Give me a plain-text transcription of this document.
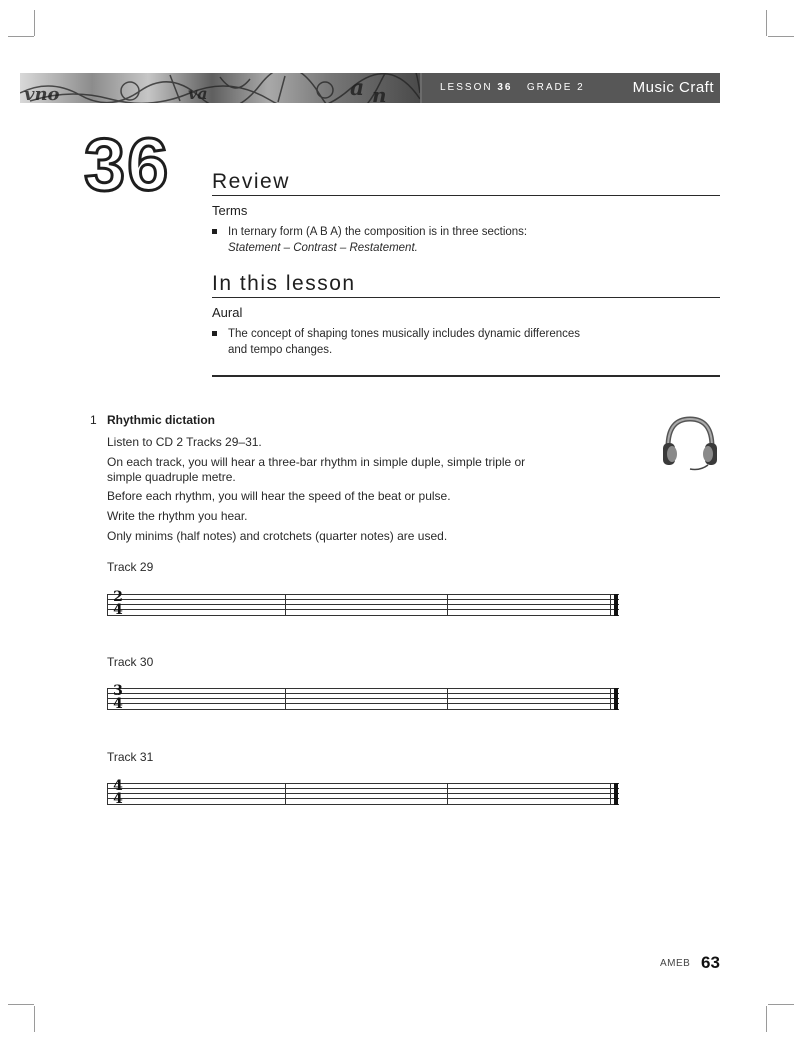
vno	va	a n	LESSON 36 GRADE 2	Music Craft
36 Review
Terms
In ternary form (A B A) the composition is in three sections:
Statement – Contrast – Restatement.
In this lesson
Aural
The concept of shaping tones musically includes dynamic differences
and tempo changes.
1 Rhythmic dictation
Listen to CD 2 Tracks 29–31.
On each track, you will hear a three-bar rhythm in simple duple, simple triple or
simple quadruple metre.
Before each rhythm, you will hear the speed of the beat or pulse.
Write the rhythm you hear.
Only minims (half notes) and crotchets (quarter notes) are used.
Track 29
2
4
Track 30
3
4
Track 31
4
4
AMEB 63
